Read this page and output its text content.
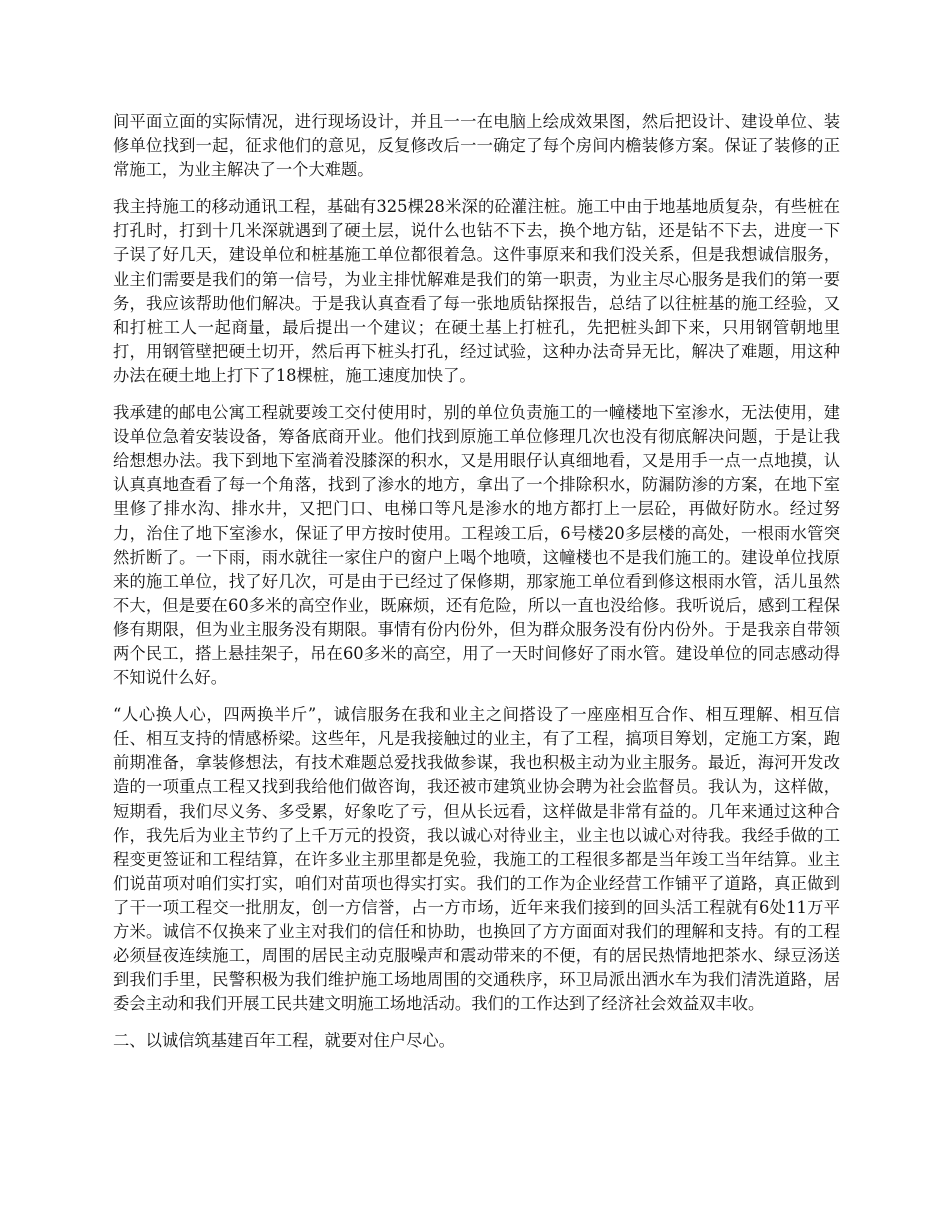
间平面立面的实际情况，进行现场设计，并且一一在电脑上绘成效果图，然后把设计、建设单位、装修单位找到一起，征求他们的意见，反复修改后一一确定了每个房间内檐装修方案。保证了装修的正常施工，为业主解决了一个大难题。

我主持施工的移动通讯工程，基础有325棵28米深的砼灌注桩。施工中由于地基地质复杂，有些桩在打孔时，打到十几米深就遇到了硬土层，说什么也钻不下去，换个地方钻，还是钻不下去，进度一下子误了好几天，建设单位和桩基施工单位都很着急。这件事原来和我们没关系，但是我想诚信服务，业主们需要是我们的第一信号，为业主排忧解难是我们的第一职责，为业主尽心服务是我们的第一要务，我应该帮助他们解决。于是我认真查看了每一张地质钻探报告，总结了以往桩基的施工经验，又和打桩工人一起商量，最后提出一个建议；在硬土基上打桩孔，先把桩头卸下来，只用钢管朝地里打，用钢管壁把硬土切开，然后再下桩头打孔，经过试验，这种办法奇异无比，解决了难题，用这种办法在硬土地上打下了18棵桩，施工速度加快了。

我承建的邮电公寓工程就要竣工交付使用时，别的单位负责施工的一幢楼地下室渗水，无法使用，建设单位急着安装设备，筹备底商开业。他们找到原施工单位修理几次也没有彻底解决问题，于是让我给想想办法。我下到地下室淌着没膝深的积水，又是用眼仔认真细地看，又是用手一点一点地摸，认认真真地查看了每一个角落，找到了渗水的地方，拿出了一个排除积水，防漏防渗的方案，在地下室里修了排水沟、排水井，又把门口、电梯口等凡是渗水的地方都打上一层砼，再做好防水。经过努力，治住了地下室渗水，保证了甲方按时使用。工程竣工后，6号楼20多层楼的高处，一根雨水管突然折断了。一下雨，雨水就往一家住户的窗户上喝个地喷，这幢楼也不是我们施工的。建设单位找原来的施工单位，找了好几次，可是由于已经过了保修期，那家施工单位看到修这根雨水管，活儿虽然不大，但是要在60多米的高空作业，既麻烦，还有危险，所以一直也没给修。我听说后，感到工程保修有期限，但为业主服务没有期限。事情有份内份外，但为群众服务没有份内份外。于是我亲自带领两个民工，搭上悬挂架子，吊在60多米的高空，用了一天时间修好了雨水管。建设单位的同志感动得不知说什么好。

“人心换人心，四两换半斤”，诚信服务在我和业主之间搭设了一座座相互合作、相互理解、相互信任、相互支持的情感桥梁。这些年，凡是我接触过的业主，有了工程，搞项目筹划，定施工方案，跑前期准备，拿装修想法，有技术难题总爱找我做参谋，我也积极主动为业主服务。最近，海河开发改造的一项重点工程又找到我给他们做咨询，我还被市建筑业协会聘为社会监督员。我认为，这样做，短期看，我们尽义务、多受累，好象吃了亏，但从长远看，这样做是非常有益的。几年来通过这种合作，我先后为业主节约了上千万元的投资，我以诚心对待业主，业主也以诚心对待我。我经手做的工程变更签证和工程结算，在许多业主那里都是免验，我施工的工程很多都是当年竣工当年结算。业主们说苗项对咱们实打实，咱们对苗项也得实打实。我们的工作为企业经营工作铺平了道路，真正做到了干一项工程交一批朋友，创一方信誉，占一方市场，近年来我们接到的回头活工程就有6处11万平方米。诚信不仅换来了业主对我们的信任和协助，也换回了方方面面对我们的理解和支持。有的工程必须昼夜连续施工，周围的居民主动克服噪声和震动带来的不便，有的居民热情地把茶水、绿豆汤送到我们手里，民警积极为我们维护施工场地周围的交通秩序，环卫局派出洒水车为我们清洗道路，居委会主动和我们开展工民共建文明施工场地活动。我们的工作达到了经济社会效益双丰收。

二、以诚信筑基建百年工程，就要对住户尽心。
